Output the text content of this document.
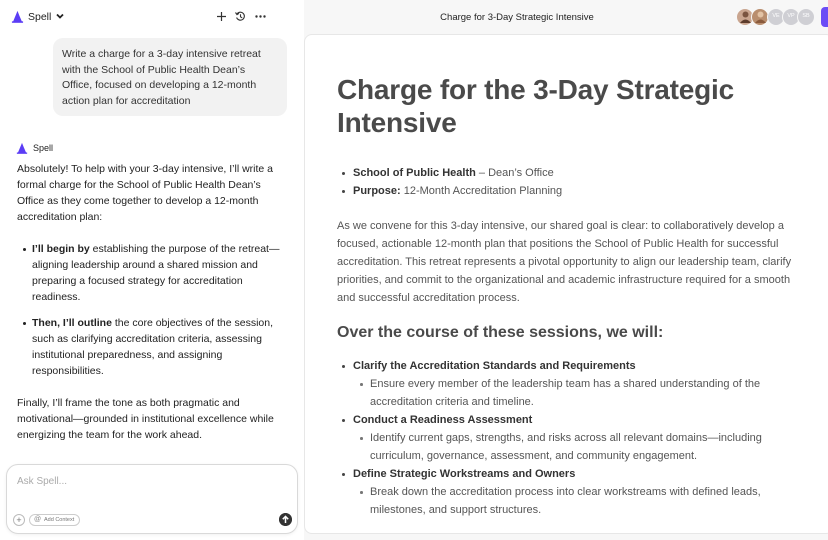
Spell
Write a charge for a 3-day intensive retreat with the School of Public Health Dean’s Office, focused on developing a 12-month action plan for accreditation
Spell

Absolutely! To help with your 3-day intensive, I’ll write a formal charge for the School of Public Health Dean’s Office as they come together to develop a 12-month accreditation plan:

I’ll begin by establishing the purpose of the retreat—aligning leadership around a shared mission and preparing a focused strategy for accreditation readiness.
Then, I’ll outline the core objectives of the session, such as clarifying accreditation criteria, assessing institutional preparedness, and assigning responsibilities.

Finally, I’ll frame the tone as both pragmatic and motivational—grounded in institutional excellence while energizing the team for the work ahead.

Ask Spell...
+	@ Add Context
Charge for 3-Day Strategic Intensive	VE	VP	SB
Charge for the 3-Day Strategic Intensive
School of Public Health – Dean’s Office
Purpose: 12-Month Accreditation Planning

As we convene for this 3-day intensive, our shared goal is clear: to collaboratively develop a focused, actionable 12-month plan that positions the School of Public Health for successful accreditation. This retreat represents a pivotal opportunity to align our leadership team, clarify priorities, and commit to the organizational and academic infrastructure required for a smooth and successful accreditation process.

Over the course of these sessions, we will:
Clarify the Accreditation Standards and Requirements
Ensure every member of the leadership team has a shared understanding of the accreditation criteria and timeline.
Conduct a Readiness Assessment
Identify current gaps, strengths, and risks across all relevant domains—including curriculum, governance, assessment, and community engagement.
Define Strategic Workstreams and Owners
Break down the accreditation process into clear workstreams with defined leads, milestones, and support structures.
